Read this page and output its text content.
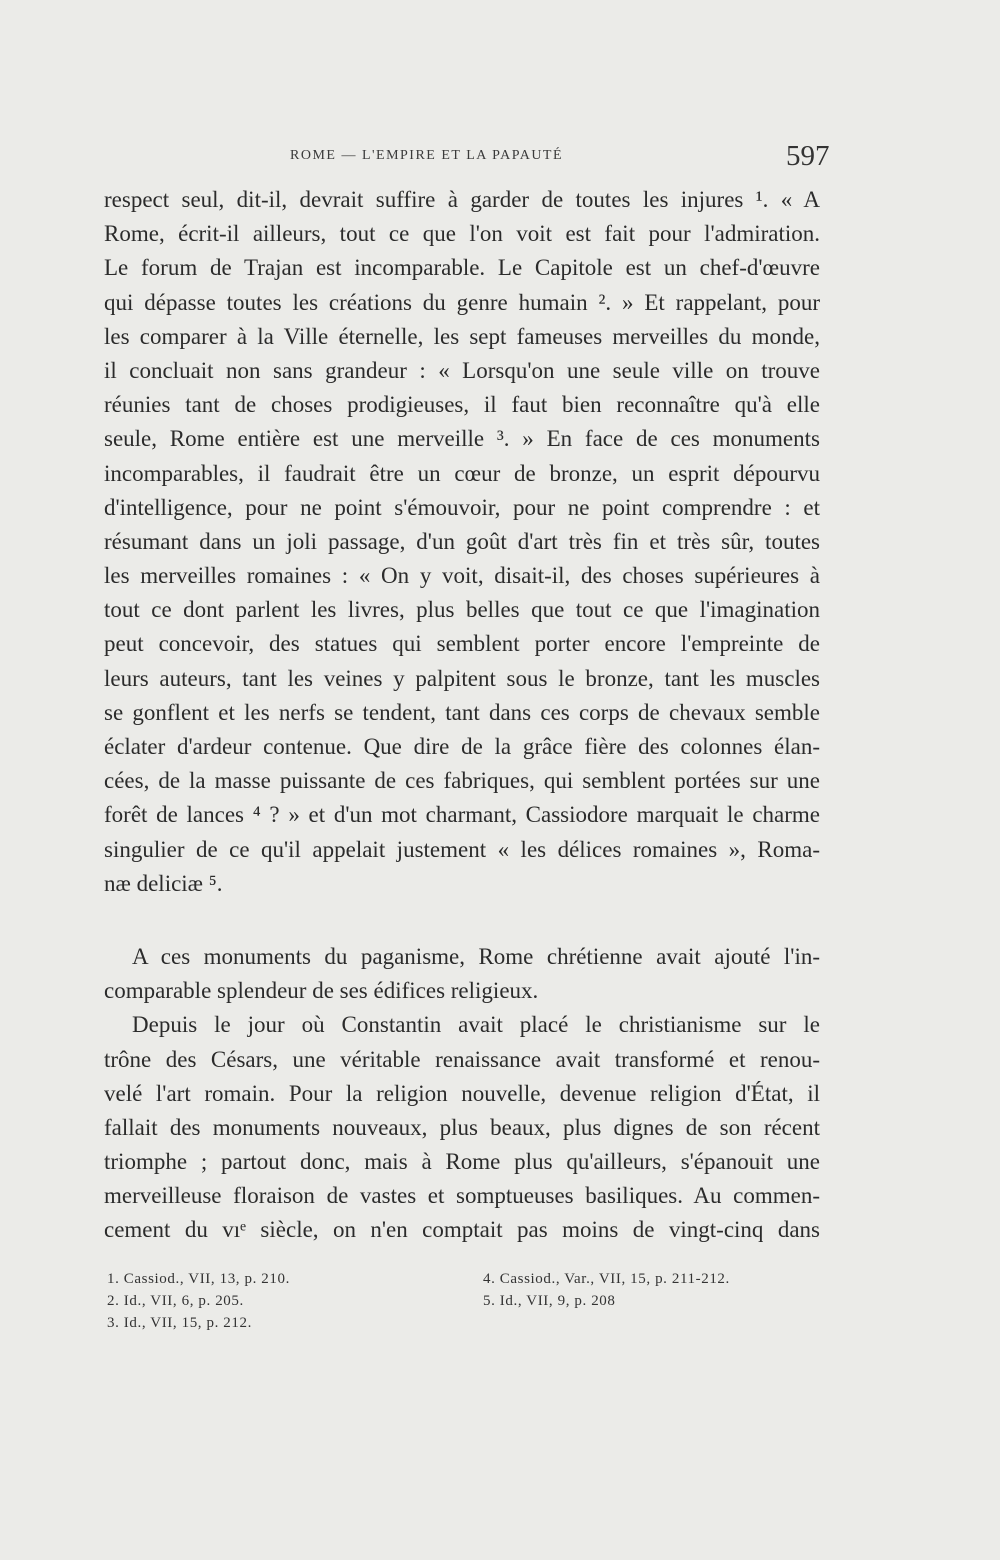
ROME — L'EMPIRE ET LA PAPAUTÉ	597
respect seul, dit-il, devrait suffire à garder de toutes les injures ¹. « A
Rome, écrit-il ailleurs, tout ce que l'on voit est fait pour l'admiration.
Le forum de Trajan est incomparable. Le Capitole est un chef-d'œuvre
qui dépasse toutes les créations du genre humain ². » Et rappelant, pour
les comparer à la Ville éternelle, les sept fameuses merveilles du monde,
il concluait non sans grandeur : « Lorsqu'on une seule ville on trouve
réunies tant de choses prodigieuses, il faut bien reconnaître qu'à elle
seule, Rome entière est une merveille ³. » En face de ces monuments
incomparables, il faudrait être un cœur de bronze, un esprit dépourvu
d'intelligence, pour ne point s'émouvoir, pour ne point comprendre : et
résumant dans un joli passage, d'un goût d'art très fin et très sûr, toutes
les merveilles romaines : « On y voit, disait-il, des choses supérieures à
tout ce dont parlent les livres, plus belles que tout ce que l'imagination
peut concevoir, des statues qui semblent porter encore l'empreinte de
leurs auteurs, tant les veines y palpitent sous le bronze, tant les muscles
se gonflent et les nerfs se tendent, tant dans ces corps de chevaux semble
éclater d'ardeur contenue. Que dire de la grâce fière des colonnes élan-
cées, de la masse puissante de ces fabriques, qui semblent portées sur une
forêt de lances ⁴ ? » et d'un mot charmant, Cassiodore marquait le charme
singulier de ce qu'il appelait justement « les délices romaines », Roma-
næ deliciæ ⁵.
A ces monuments du paganisme, Rome chrétienne avait ajouté l'in-
comparable splendeur de ses édifices religieux.
Depuis le jour où Constantin avait placé le christianisme sur le
trône des Césars, une véritable renaissance avait transformé et renou-
velé l'art romain. Pour la religion nouvelle, devenue religion d'État, il
fallait des monuments nouveaux, plus beaux, plus dignes de son récent
triomphe ; partout donc, mais à Rome plus qu'ailleurs, s'épanouit une
merveilleuse floraison de vastes et somptueuses basiliques. Au commen-
cement du vıᵉ siècle, on n'en comptait pas moins de vingt-cinq dans
1. Cassiod., VII, 13, p. 210.
2. Id., VII, 6, p. 205.
3. Id., VII, 15, p. 212.
4. Cassiod., Var., VII, 15, p. 211-212.
5. Id., VII, 9, p. 208
